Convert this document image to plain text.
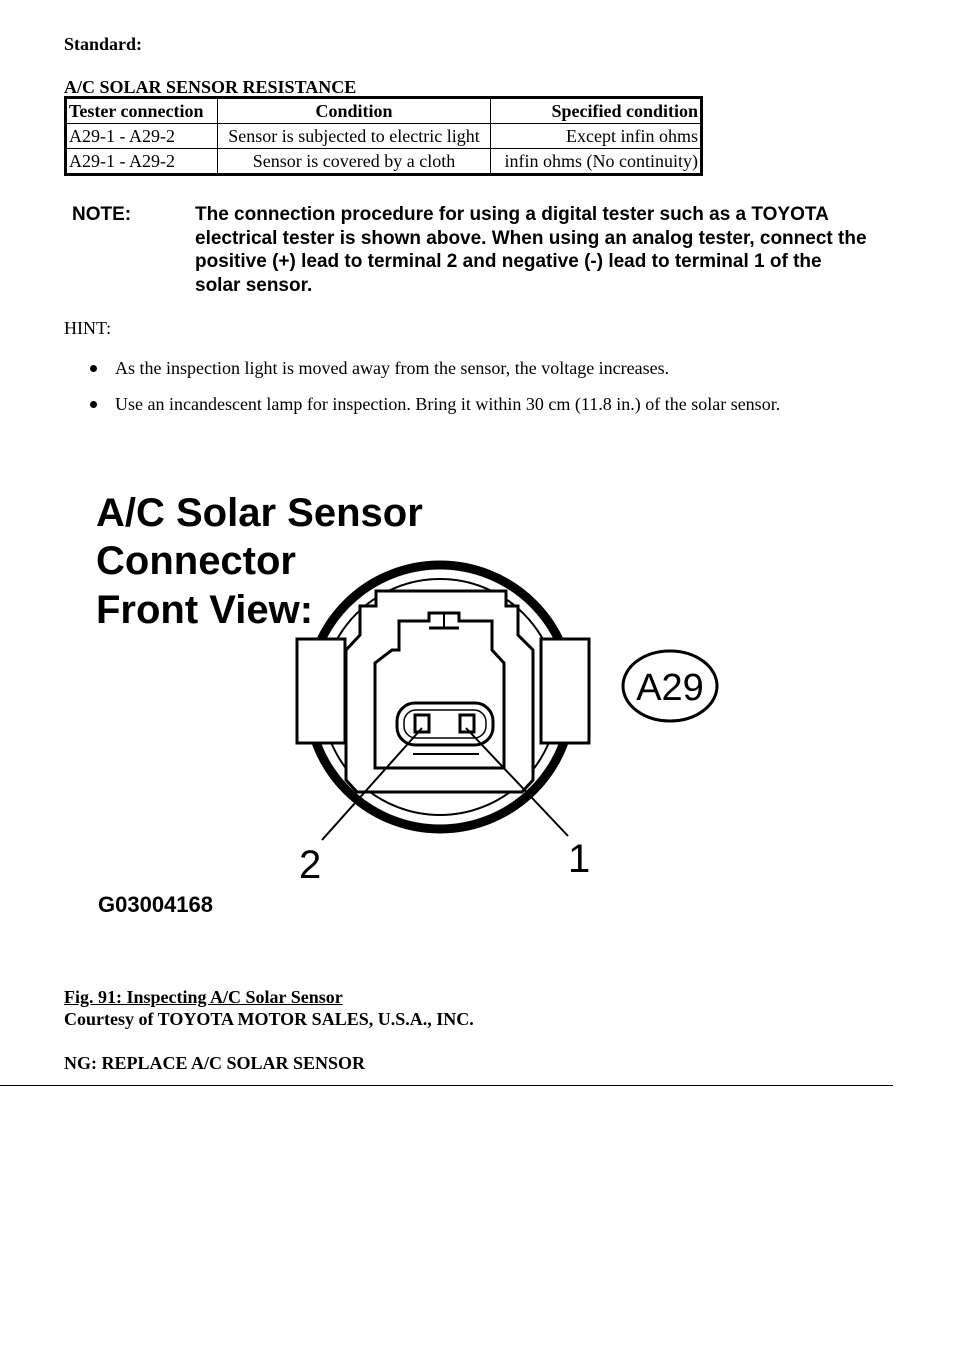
Standard:
A/C SOLAR SENSOR RESISTANCE
Tester connection	Condition	Specified condition
A29-1 - A29-2	Sensor is subjected to electric light	Except infin ohms
A29-1 - A29-2	Sensor is covered by a cloth	infin ohms (No continuity)
NOTE:	The connection procedure for using a digital tester such as a TOYOTA
electrical tester is shown above. When using an analog tester, connect the
positive (+) lead to terminal 2 and negative (-) lead to terminal 1 of the
solar sensor.
HINT:
As the inspection light is moved away from the sensor, the voltage increases.
Use an incandescent lamp for inspection. Bring it within 30 cm (11.8 in.) of the solar sensor.
A/C Solar Sensor
Connector
Front View:
A29
2	1
G03004168
Fig. 91: Inspecting A/C Solar Sensor
Courtesy of TOYOTA MOTOR SALES, U.S.A., INC.
NG: REPLACE A/C SOLAR SENSOR
